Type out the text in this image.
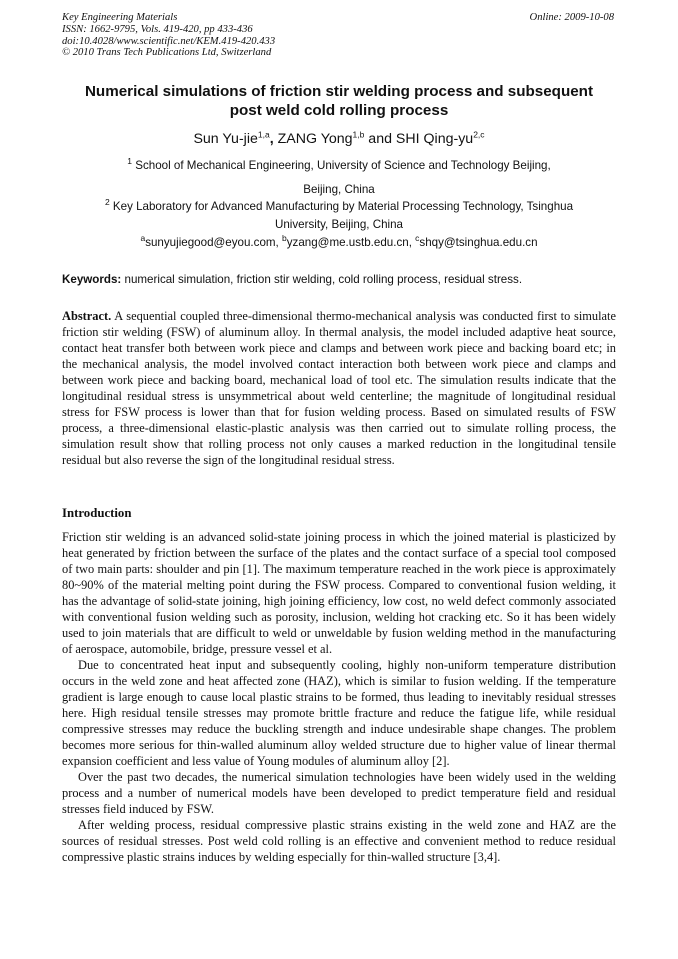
Key Engineering Materials
ISSN: 1662-9795, Vols. 419-420, pp 433-436
doi:10.4028/www.scientific.net/KEM.419-420.433
© 2010 Trans Tech Publications Ltd, Switzerland
Online: 2009-10-08
Numerical simulations of friction stir welding process and subsequent
post weld cold rolling process
Sun Yu-jie$^{1,a}$, ZANG Yong$^{1,b}$ and SHI Qing-yu$^{2,c}$
$^1$ School of Mechanical Engineering, University of Science and Technology Beijing,
Beijing, China
$^2$ Key Laboratory for Advanced Manufacturing by Material Processing Technology, Tsinghua
University, Beijing, China
$^a$sunyujiegood@eyou.com, $^b$yzang@me.ustb.edu.cn, $^c$shqy@tsinghua.edu.cn
Keywords: numerical simulation, friction stir welding, cold rolling process, residual stress.

Abstract. A sequential coupled three-dimensional thermo-mechanical analysis was conducted first to simulate friction stir welding (FSW) of aluminum alloy. In thermal analysis, the model included adaptive heat source, contact heat transfer both between work piece and clamps and between work piece and backing board etc; in the mechanical analysis, the model involved contact interaction both between work piece and clamps and between work piece and backing board, mechanical load of tool etc. The simulation results indicate that the longitudinal residual stress is unsymmetrical about weld centerline; the magnitude of longitudinal residual stress for FSW process is lower than that for fusion welding process. Based on simulated results of FSW process, a three-dimensional elastic-plastic analysis was then carried out to simulate rolling process, the simulation result show that rolling process not only causes a marked reduction in the longitudinal tensile residual but also reverse the sign of the longitudinal residual stress.

Introduction

Friction stir welding is an advanced solid-state joining process in which the joined material is plasticized by heat generated by friction between the surface of the plates and the contact surface of a special tool composed of two main parts: shoulder and pin [1]. The maximum temperature reached in the work piece is approximately 80~90% of the material melting point during the FSW process. Compared to conventional fusion welding, it has the advantage of solid-state joining, high joining efficiency, low cost, no weld defect commonly associated with conventional fusion welding such as porosity, inclusion, welding hot cracking etc. So it has been widely used to join materials that are difficult to weld or unweldable by fusion welding method in the manufacturing of aerospace, automobile, bridge, pressure vessel et al.

Due to concentrated heat input and subsequently cooling, highly non-uniform temperature distribution occurs in the weld zone and heat affected zone (HAZ), which is similar to fusion welding. If the temperature gradient is large enough to cause local plastic strains to be formed, thus leading to inevitably residual stresses here. High residual tensile stresses may promote brittle fracture and reduce the fatigue life, while residual compressive stresses may reduce the buckling strength and induce undesirable shape changes. The problem becomes more serious for thin-walled aluminum alloy welded structure due to higher value of linear thermal expansion coefficient and less value of Young modules of aluminum alloy [2].

Over the past two decades, the numerical simulation technologies have been widely used in the welding process and a number of numerical models have been developed to predict temperature field and residual stresses field induced by FSW.

After welding process, residual compressive plastic strains existing in the weld zone and HAZ are the sources of residual stresses. Post weld cold rolling is an effective and convenient method to reduce residual compressive plastic strains induces by welding especially for thin-walled structure [3,4].
